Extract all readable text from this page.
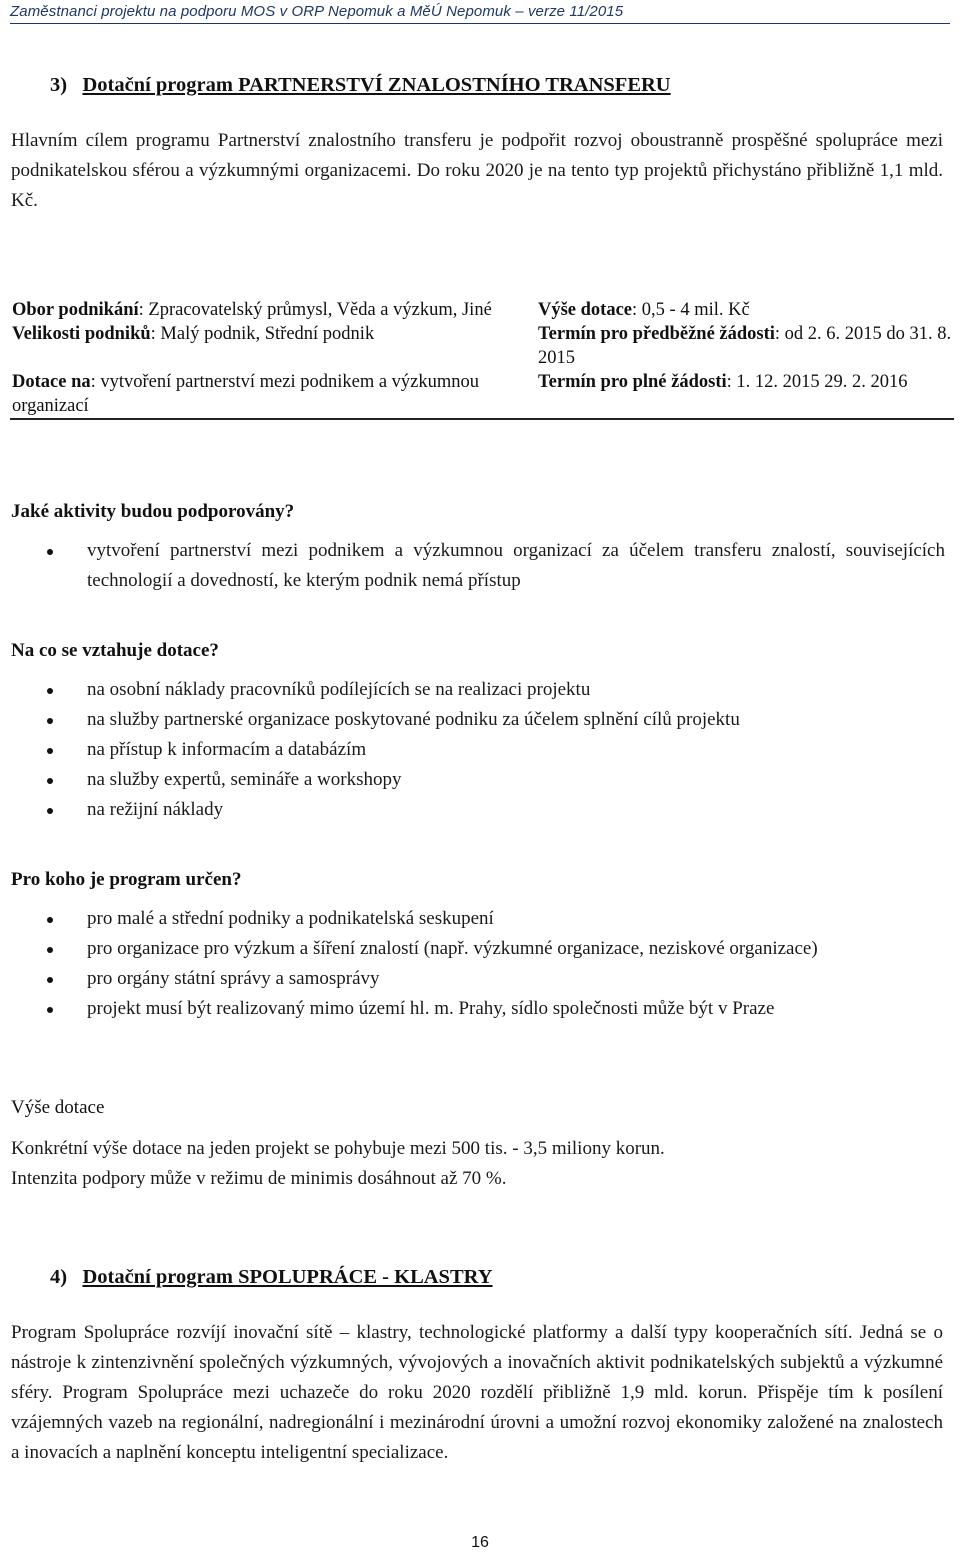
Zaměstnanci projektu na podporu MOS v ORP Nepomuk a MěÚ Nepomuk – verze 11/2015
3) Dotační program PARTNERSTVÍ ZNALOSTNÍHO TRANSFERU

Hlavním cílem programu Partnerství znalostního transferu je podpořit rozvoj oboustranně prospěšné spolupráce mezi podnikatelskou sférou a výzkumnými organizacemi. Do roku 2020 je na tento typ projektů přichystáno přibližně 1,1 mld. Kč.

Obor podnikání: Zpracovatelský průmysl, Věda a výzkum, Jiné	Výše dotace: 0,5 - 4 mil. Kč
Velikosti podniků: Malý podnik, Střední podnik	Termín pro předběžné žádosti: od 2. 6. 2015 do 31. 8. 2015
Dotace na: vytvoření partnerství mezi podnikem a výzkumnou organizací	Termín pro plné žádosti: 1. 12. 2015 29. 2. 2016
Jaké aktivity budou podporovány?
vytvoření partnerství mezi podnikem a výzkumnou organizací za účelem transferu znalostí, souvisejících technologií a dovedností, ke kterým podnik nemá přístup
Na co se vztahuje dotace?
na osobní náklady pracovníků podílejících se na realizaci projektu
na služby partnerské organizace poskytované podniku za účelem splnění cílů projektu
na přístup k informacím a databázím
na služby expertů, semináře a workshopy
na režijní náklady
Pro koho je program určen?
pro malé a střední podniky a podnikatelská seskupení
pro organizace pro výzkum a šíření znalostí (např. výzkumné organizace, neziskové organizace)
pro orgány státní správy a samosprávy
projekt musí být realizovaný mimo území hl. m. Prahy, sídlo společnosti může být v Praze
Výše dotace

Konkrétní výše dotace na jeden projekt se pohybuje mezi 500 tis. - 3,5 miliony korun.

Intenzita podpory může v režimu de minimis dosáhnout až 70 %.

4) Dotační program SPOLUPRÁCE - KLASTRY

Program Spolupráce rozvíjí inovační sítě – klastry, technologické platformy a další typy kooperačních sítí. Jedná se o nástroje k zintenzivnění společných výzkumných, vývojových a inovačních aktivit podnikatelských subjektů a výzkumné sféry. Program Spolupráce mezi uchazeče do roku 2020 rozdělí přibližně 1,9 mld. korun. Přispěje tím k posílení vzájemných vazeb na regionální, nadregionální i mezinárodní úrovni a umožní rozvoj ekonomiky založené na znalostech a inovacích a naplnění konceptu inteligentní specializace.

16
